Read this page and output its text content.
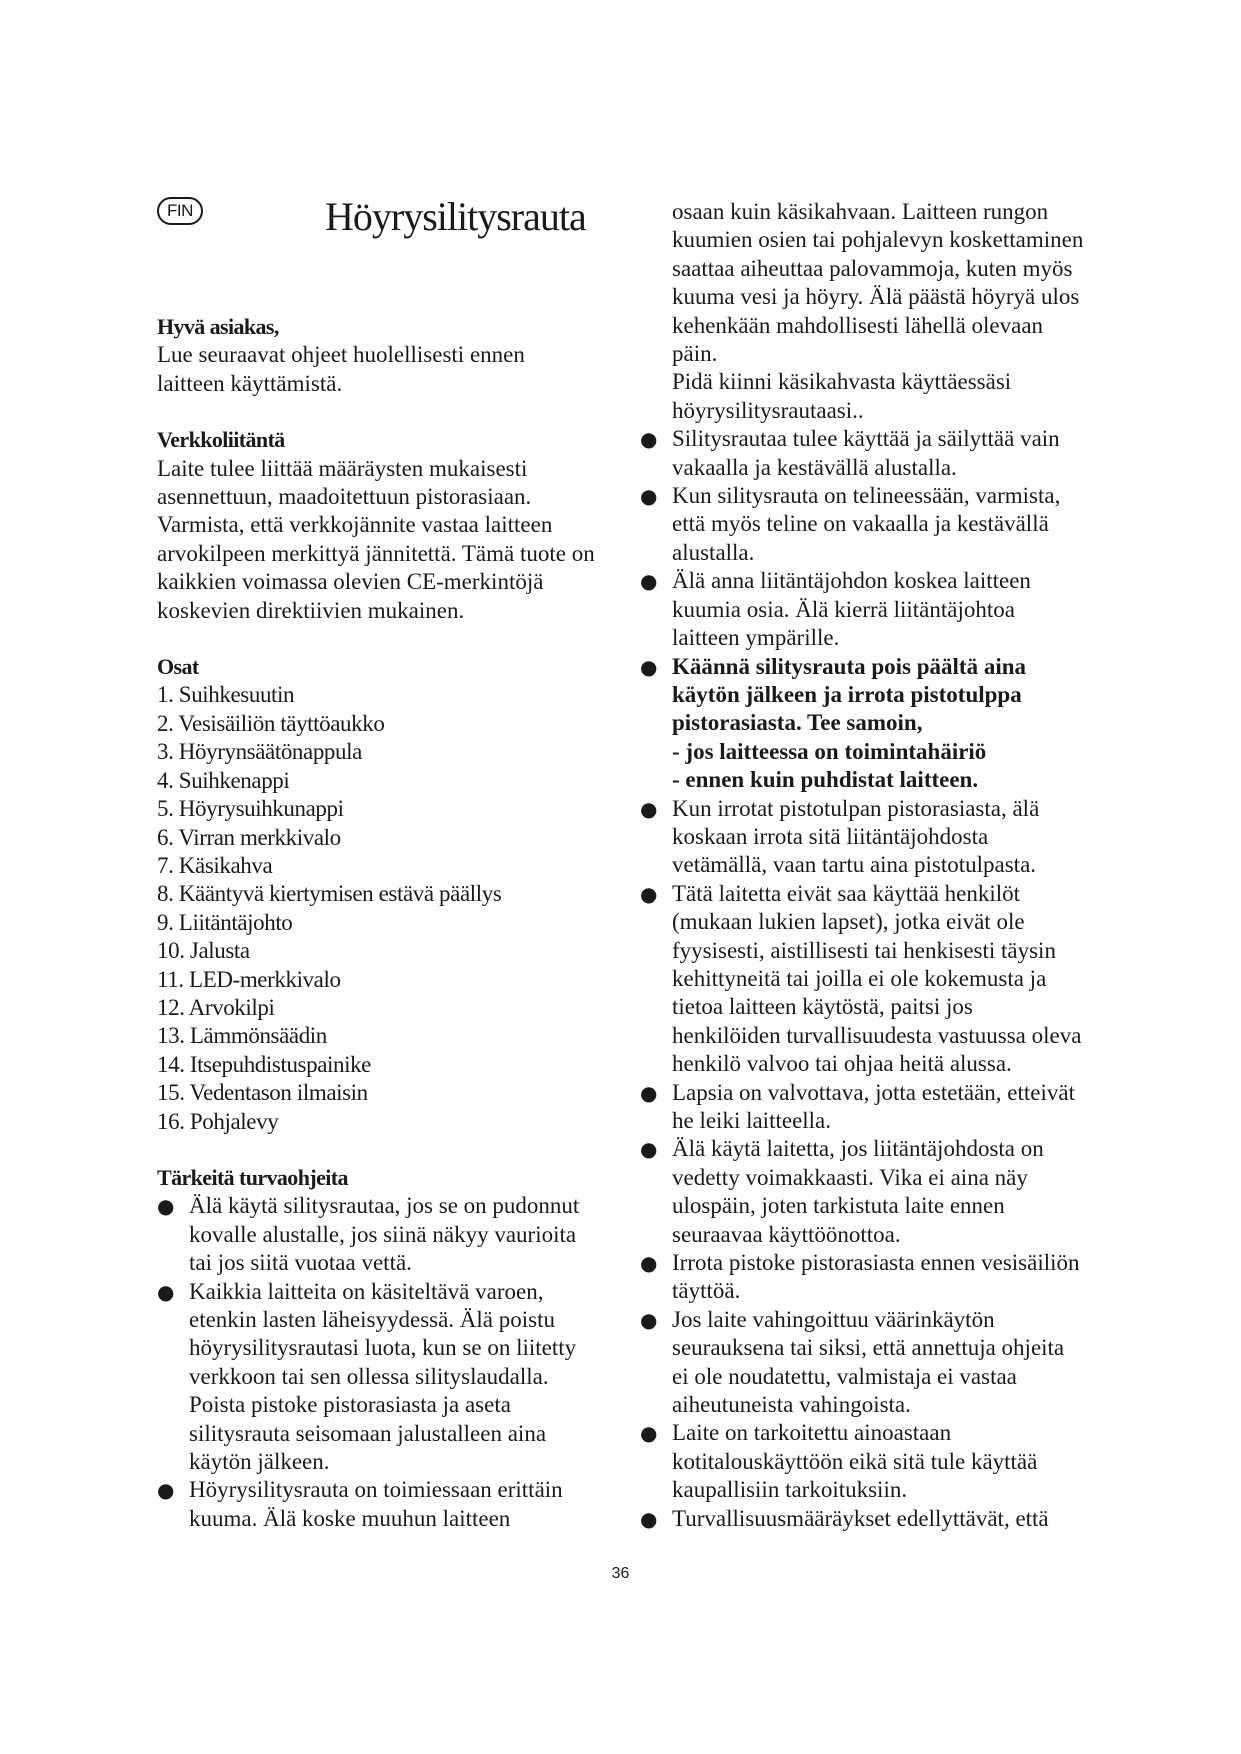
FIN	Höyrysilitysrauta

Hyvä asiakas,

Lue seuraavat ohjeet huolellisesti ennen laitteen käyttämistä.

Verkkoliitäntä

Laite tulee liittää määräysten mukaisesti asennettuun, maadoitettuun pistorasiaan. Varmista, että verkkojännite vastaa laitteen arvokilpeen merkittyä jännitettä. Tämä tuote on kaikkien voimassa olevien CE-merkintöjä koskevien direktiivien mukainen.

Osat

1. Suihkesuutin
2. Vesisäiliön täyttöaukko
3. Höyrynsäätönappula
4. Suihkenappi
5. Höyrysuihkunappi
6. Virran merkkivalo
7. Käsikahva
8. Kääntyvä kiertymisen estävä päällys
9. Liitäntäjohto
10. Jalusta
11. LED-merkkivalo
12. Arvokilpi
13. Lämmönsäädin
14. Itsepuhdistuspainike
15. Vedentason ilmaisin
16. Pohjalevy

Tärkeitä turvaohjeita

● Älä käytä silitysrautaa, jos se on pudonnut kovalle alustalle, jos siinä näkyy vaurioita tai jos siitä vuotaa vettä.
● Kaikkia laitteita on käsiteltävä varoen, etenkin lasten läheisyydessä. Älä poistu höyrysilitysrautasi luota, kun se on liitetty verkkoon tai sen ollessa silityslaudalla. Poista pistoke pistorasiasta ja aseta silitysrauta seisomaan jalustalleen aina käytön jälkeen.
● Höyrysilitysrauta on toimiessaan erittäin kuuma. Älä koske muuhun laitteen
osaan kuin käsikahvaan. Laitteen rungon kuumien osien tai pohjalevyn koskettaminen saattaa aiheuttaa palovammoja, kuten myös kuuma vesi ja höyry. Älä päästä höyryä ulos kehenkään mahdollisesti lähellä olevaan päin.
Pidä kiinni käsikahvasta käyttäessäsi höyrysilitysrautaasi..
● Silitysrautaa tulee käyttää ja säilyttää vain vakaalla ja kestävällä alustalla.
● Kun silitysrauta on telineessään, varmista, että myös teline on vakaalla ja kestävällä alustalla.
● Älä anna liitäntäjohdon koskea laitteen kuumia osia. Älä kierrä liitäntäjohtoa laitteen ympärille.
● Käännä silitysrauta pois päältä aina käytön jälkeen ja irrota pistotulppa pistorasiasta. Tee samoin,
- jos laitteessa on toimintahäiriö
- ennen kuin puhdistat laitteen.
● Kun irrotat pistotulpan pistorasiasta, älä koskaan irrota sitä liitäntäjohdosta vetämällä, vaan tartu aina pistotulpasta.
● Tätä laitetta eivät saa käyttää henkilöt (mukaan lukien lapset), jotka eivät ole fyysisesti, aistillisesti tai henkisesti täysin kehittyneitä tai joilla ei ole kokemusta ja tietoa laitteen käytöstä, paitsi jos henkilöiden turvallisuudesta vastuussa oleva henkilö valvoo tai ohjaa heitä alussa.
● Lapsia on valvottava, jotta estetään, etteivät he leiki laitteella.
● Älä käytä laitetta, jos liitäntäjohdosta on vedetty voimakkaasti. Vika ei aina näy ulospäin, joten tarkistuta laite ennen seuraavaa käyttöönottoa.
● Irrota pistoke pistorasiasta ennen vesisäiliön täyttöä.
● Jos laite vahingoittuu väärinkäytön seurauksena tai siksi, että annettuja ohjeita ei ole noudatettu, valmistaja ei vastaa aiheutuneista vahingoista.
● Laite on tarkoitettu ainoastaan kotitalouskäyttöön eikä sitä tule käyttää kaupallisiin tarkoituksiin.
● Turvallisuusmääräykset edellyttävät, että
36
